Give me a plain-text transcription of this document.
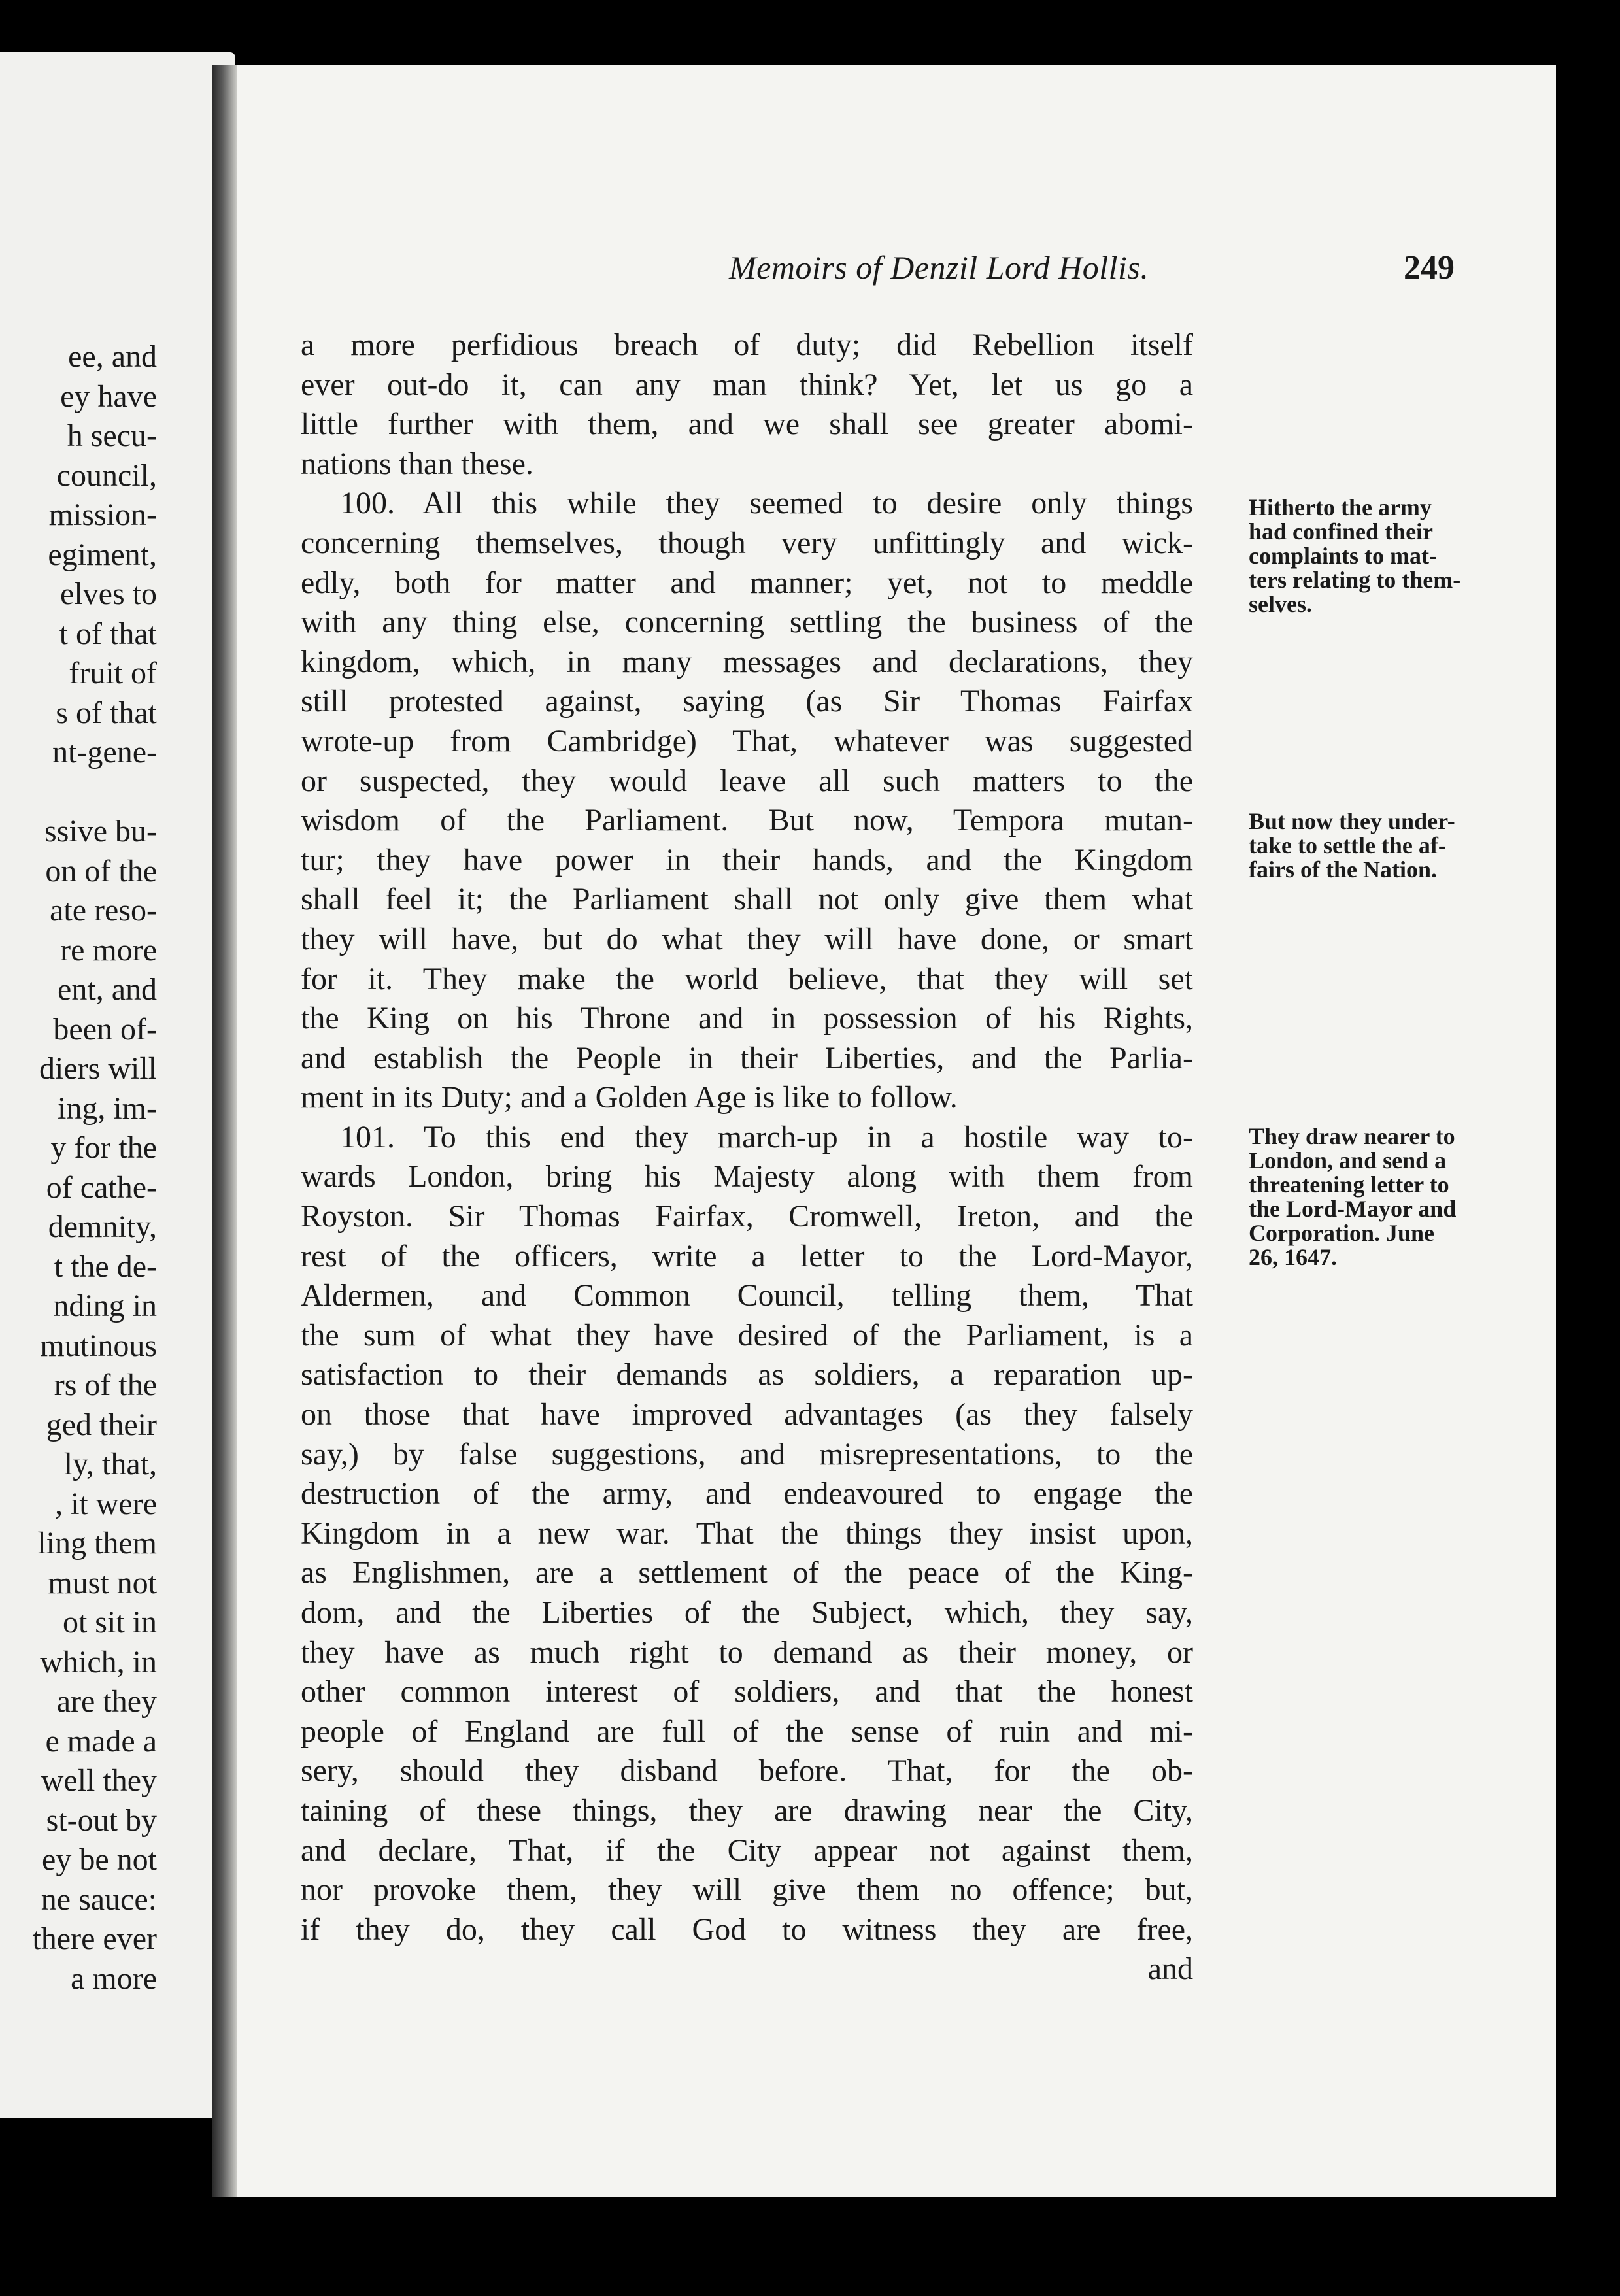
ee, and
ey have
h secu-
council,
mission-
egiment,
elves to
t of that
fruit of
s of that
nt-gene-

ssive bu-
on of the
ate reso-
re more
ent, and
been of-
diers will
ing, im-
y for the
of cathe-
demnity,
t the de-
nding in
mutinous
rs of the
ged their
ly, that,
, it were
ling them
must not
ot sit in
which, in
are they
e made a
well they
st-out by
ey be not
ne sauce:
there ever
a more
Memoirs of Denzil Lord Hollis.	249
a more perfidious breach of duty; did Rebellion itself
ever out-do it, can any man think? Yet, let us go a
little further with them, and we shall see greater abomi-
nations than these.
100. All this while they seemed to desire only things
concerning themselves, though very unfittingly and wick-
edly, both for matter and manner; yet, not to meddle
with any thing else, concerning settling the business of the
kingdom, which, in many messages and declarations, they
still protested against, saying (as Sir Thomas Fairfax
wrote-up from Cambridge) That, whatever was suggested
or suspected, they would leave all such matters to the
wisdom of the Parliament. But now, Tempora mutan-
tur; they have power in their hands, and the Kingdom
shall feel it; the Parliament shall not only give them what
they will have, but do what they will have done, or smart
for it. They make the world believe, that they will set
the King on his Throne and in possession of his Rights,
and establish the People in their Liberties, and the Parlia-
ment in its Duty; and a Golden Age is like to follow.
101. To this end they march-up in a hostile way to-
wards London, bring his Majesty along with them from
Royston. Sir Thomas Fairfax, Cromwell, Ireton, and the
rest of the officers, write a letter to the Lord-Mayor,
Aldermen, and Common Council, telling them, That
the sum of what they have desired of the Parliament, is a
satisfaction to their demands as soldiers, a reparation up-
on those that have improved advantages (as they falsely
say,) by false suggestions, and misrepresentations, to the
destruction of the army, and endeavoured to engage the
Kingdom in a new war. That the things they insist upon,
as Englishmen, are a settlement of the peace of the King-
dom, and the Liberties of the Subject, which, they say,
they have as much right to demand as their money, or
other common interest of soldiers, and that the honest
people of England are full of the sense of ruin and mi-
sery, should they disband before. That, for the ob-
taining of these things, they are drawing near the City,
and declare, That, if the City appear not against them,
nor provoke them, they will give them no offence; but,
if they do, they call God to witness they are free,
and

Hitherto the army
had confined their
complaints to mat-
ters relating to them-
selves.

But now they under-
take to settle the af-
fairs of the Nation.

They draw nearer to
London, and send a
threatening letter to
the Lord-Mayor and
Corporation. June
26, 1647.
